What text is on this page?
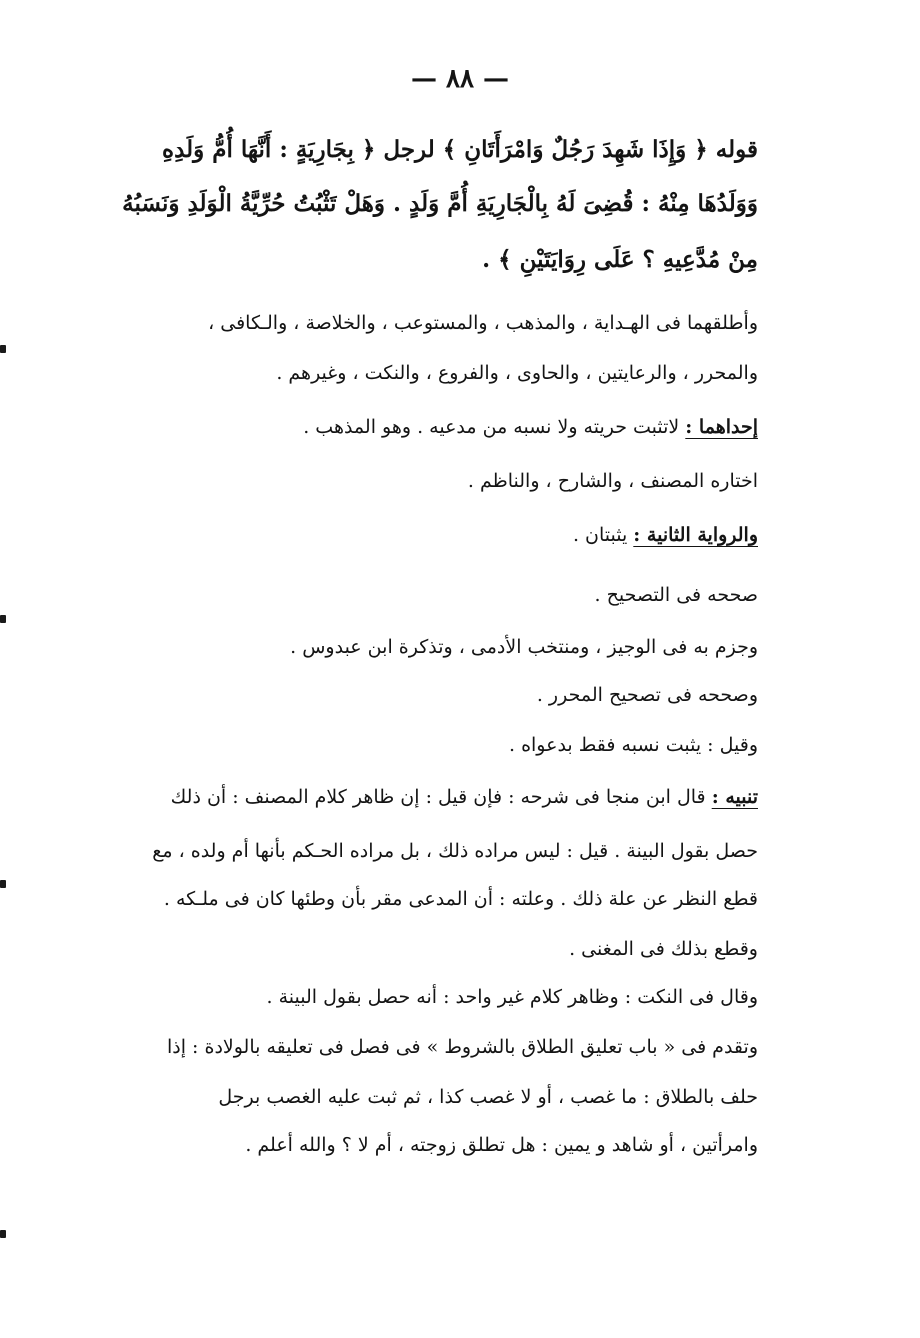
— ٨٨ —
قوله ﴿ وَإِذَا شَهِدَ رَجُلٌ وَامْرَأَتَانِ ﴾ لرجل ﴿ بِجَارِيَةٍ : أَنَّهَا أُمُّ وَلَدِهِ
وَوَلَدُهَا مِنْهُ : قُضِىَ لَهُ بِالْجَارِيَةِ أُمَّ وَلَدٍ . وَهَلْ تَثْبُتُ حُرِّيَّةُ الْوَلَدِ وَنَسَبُهُ
مِنْ مُدَّعِيهِ ؟ عَلَى رِوَايَتَيْنِ ﴾ .
وأطلقهما فى الهـداية ، والمذهب ، والمستوعب ، والخلاصة ، والـكافى ،
والمحرر ، والرعايتين ، والحاوى ، والفروع ، والنكت ، وغيرهم .
إحداهما : لاتثبت حريته ولا نسبه من مدعيه . وهو المذهب .
اختاره المصنف ، والشارح ، والناظم .
والرواية الثانية : يثبتان .
صححه فى التصحيح .
وجزم به فى الوجيز ، ومنتخب الأدمى ، وتذكرة ابن عبدوس .
وصححه فى تصحيح المحرر .
وقيل : يثبت نسبه فقط بدعواه .
تنبيه : قال ابن منجا فى شرحه : فإن قيل : إن ظاهر كلام المصنف : أن ذلك
حصل بقول البينة . قيل : ليس مراده ذلك ، بل مراده الحـكم بأنها أم ولده ، مع
قطع النظر عن علة ذلك . وعلته : أن المدعى مقر بأن وطئها كان فى ملـكه .
وقطع بذلك فى المغنى .
وقال فى النكت : وظاهر كلام غير واحد : أنه حصل بقول البينة .
وتقدم فى « باب تعليق الطلاق بالشروط » فى فصل فى تعليقه بالولادة : إذا
حلف بالطلاق : ما غصب ، أو لا غصب كذا ، ثم ثبت عليه الغصب برجل
وامرأتين ، أو شاهد و يمين : هل تطلق زوجته ، أم لا ؟ والله أعلم .
